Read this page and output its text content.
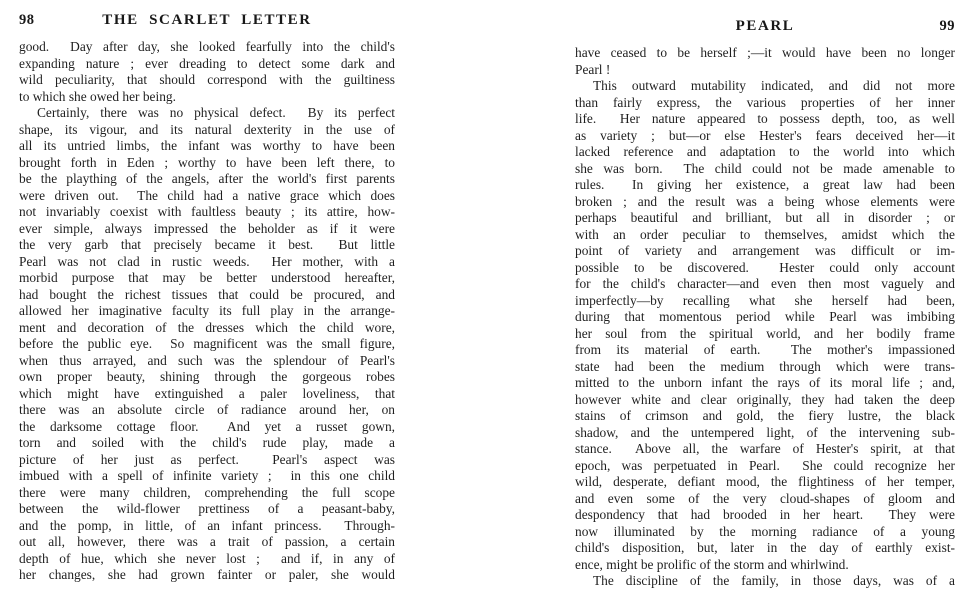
98	THE SCARLET LETTER
good.  Day after day, she looked fearfully into the child's
expanding nature ; ever dreading to detect some dark and
wild peculiarity, that should correspond with the guiltiness
to which she owed her being.
Certainly, there was no physical defect.  By its perfect
shape, its vigour, and its natural dexterity in the use of
all its untried limbs, the infant was worthy to have been
brought forth in Eden ; worthy to have been left there, to
be the plaything of the angels, after the world's first parents
were driven out.  The child had a native grace which does
not invariably coexist with faultless beauty ; its attire, how-
ever simple, always impressed the beholder as if it were
the very garb that precisely became it best.  But little
Pearl was not clad in rustic weeds.  Her mother, with a
morbid purpose that may be better understood hereafter,
had bought the richest tissues that could be procured, and
allowed her imaginative faculty its full play in the arrange-
ment and decoration of the dresses which the child wore,
before the public eye.  So magnificent was the small figure,
when thus arrayed, and such was the splendour of Pearl's
own proper beauty, shining through the gorgeous robes
which might have extinguished a paler loveliness, that
there was an absolute circle of radiance around her, on
the darksome cottage floor.  And yet a russet gown,
torn and soiled with the child's rude play, made a
picture of her just as perfect.  Pearl's aspect was
imbued with a spell of infinite variety ;  in this one child
there were many children, comprehending the full scope
between the wild-flower prettiness of a peasant-baby,
and the pomp, in little, of an infant princess.  Through-
out all, however, there was a trait of passion, a certain
depth of hue, which she never lost ;  and if, in any of
her changes, she had grown fainter or paler, she would
PEARL	99
have ceased to be herself ;—it would have been no longer
Pearl !
This outward mutability indicated, and did not more
than fairly express, the various properties of her inner
life.  Her nature appeared to possess depth, too, as well
as variety ; but—or else Hester's fears deceived her—it
lacked reference and adaptation to the world into which
she was born.  The child could not be made amenable to
rules.  In giving her existence, a great law had been
broken ; and the result was a being whose elements were
perhaps beautiful and brilliant, but all in disorder ; or
with an order peculiar to themselves, amidst which the
point of variety and arrangement was difficult or im-
possible to be discovered.  Hester could only account
for the child's character—and even then most vaguely and
imperfectly—by recalling what she herself had been,
during that momentous period while Pearl was imbibing
her soul from the spiritual world, and her bodily frame
from its material of earth.  The mother's impassioned
state had been the medium through which were trans-
mitted to the unborn infant the rays of its moral life ; and,
however white and clear originally, they had taken the deep
stains of crimson and gold, the fiery lustre, the black
shadow, and the untempered light, of the intervening sub-
stance.  Above all, the warfare of Hester's spirit, at that
epoch, was perpetuated in Pearl.  She could recognize her
wild, desperate, defiant mood, the flightiness of her temper,
and even some of the very cloud-shapes of gloom and
despondency that had brooded in her heart.  They were
now illuminated by the morning radiance of a young
child's disposition, but, later in the day of earthly exist-
ence, might be prolific of the storm and whirlwind.
The discipline of the family, in those days, was of a
